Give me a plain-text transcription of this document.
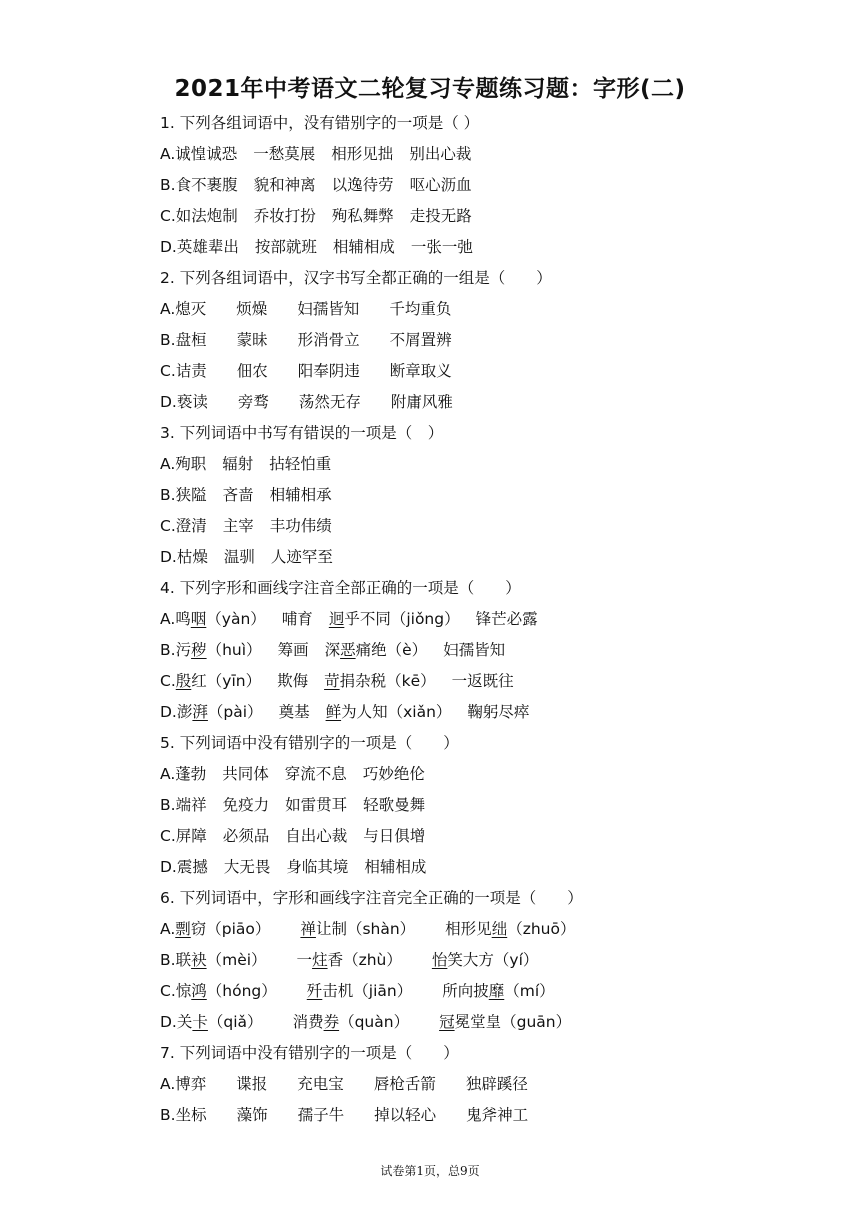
2021年中考语文二轮复习专题练习题：字形(二)
1. 下列各组词语中，没有错别字的一项是（ ）
A.诚惶诚恐 一愁莫展 相形见拙 别出心裁
B.食不裹腹 貌和神离 以逸待劳 呕心沥血
C.如法炮制 乔妆打扮 殉私舞弊 走投无路
D.英雄辈出 按部就班 相辅相成 一张一弛
2. 下列各组词语中，汉字书写全都正确的一组是（　　）
A.熄灭 烦燥 妇孺皆知 千均重负
B.盘桓 蒙昧 形消骨立 不屑置辨
C.诘责 佃农 阳奉阴违 断章取义
D.亵读 旁骛 荡然无存 附庸风雅
3. 下列词语中书写有错误的一项是（　）
A.殉职 辐射 拈轻怕重
B.狭隘 吝啬 相辅相承
C.澄清 主宰 丰功伟绩
D.枯燥 温驯 人迹罕至
4. 下列字形和画线字注音全部正确的一项是（　　）
A.鸣咽（yàn） 哺育 迥乎不同（jiǒng） 锋芒必露
B.污秽（huì） 筹画 深恶痛绝（è） 妇孺皆知
C.殷红（yīn） 欺侮 苛捐杂税（kē） 一返既往
D.澎湃（pài） 奠基 鲜为人知（xiǎn） 鞠躬尽瘁
5. 下列词语中没有错别字的一项是（　　）
A.蓬勃 共同体 穿流不息 巧妙绝伦
B.端祥 免疫力 如雷贯耳 轻歌曼舞
C.屏障 必须品 自出心裁 与日俱增
D.震撼 大无畏 身临其境 相辅相成
6. 下列词语中，字形和画线字注音完全正确的一项是（　　）
A.剽窃（piāo） 禅让制（shàn） 相形见绌（zhuō）
B.联袂（mèi） 一炷香（zhù） 怡笑大方（yí）
C.惊鸿（hóng） 歼击机（jiān） 所向披靡（mí）
D.关卡（qiǎ） 消费券（quàn） 冠冕堂皇（guān）
7. 下列词语中没有错别字的一项是（　　）
A.博弈 谍报 充电宝 唇枪舌箭 独辟蹊径
B.坐标 藻饰 孺子牛 掉以轻心 鬼斧神工
试卷第1页，总9页
